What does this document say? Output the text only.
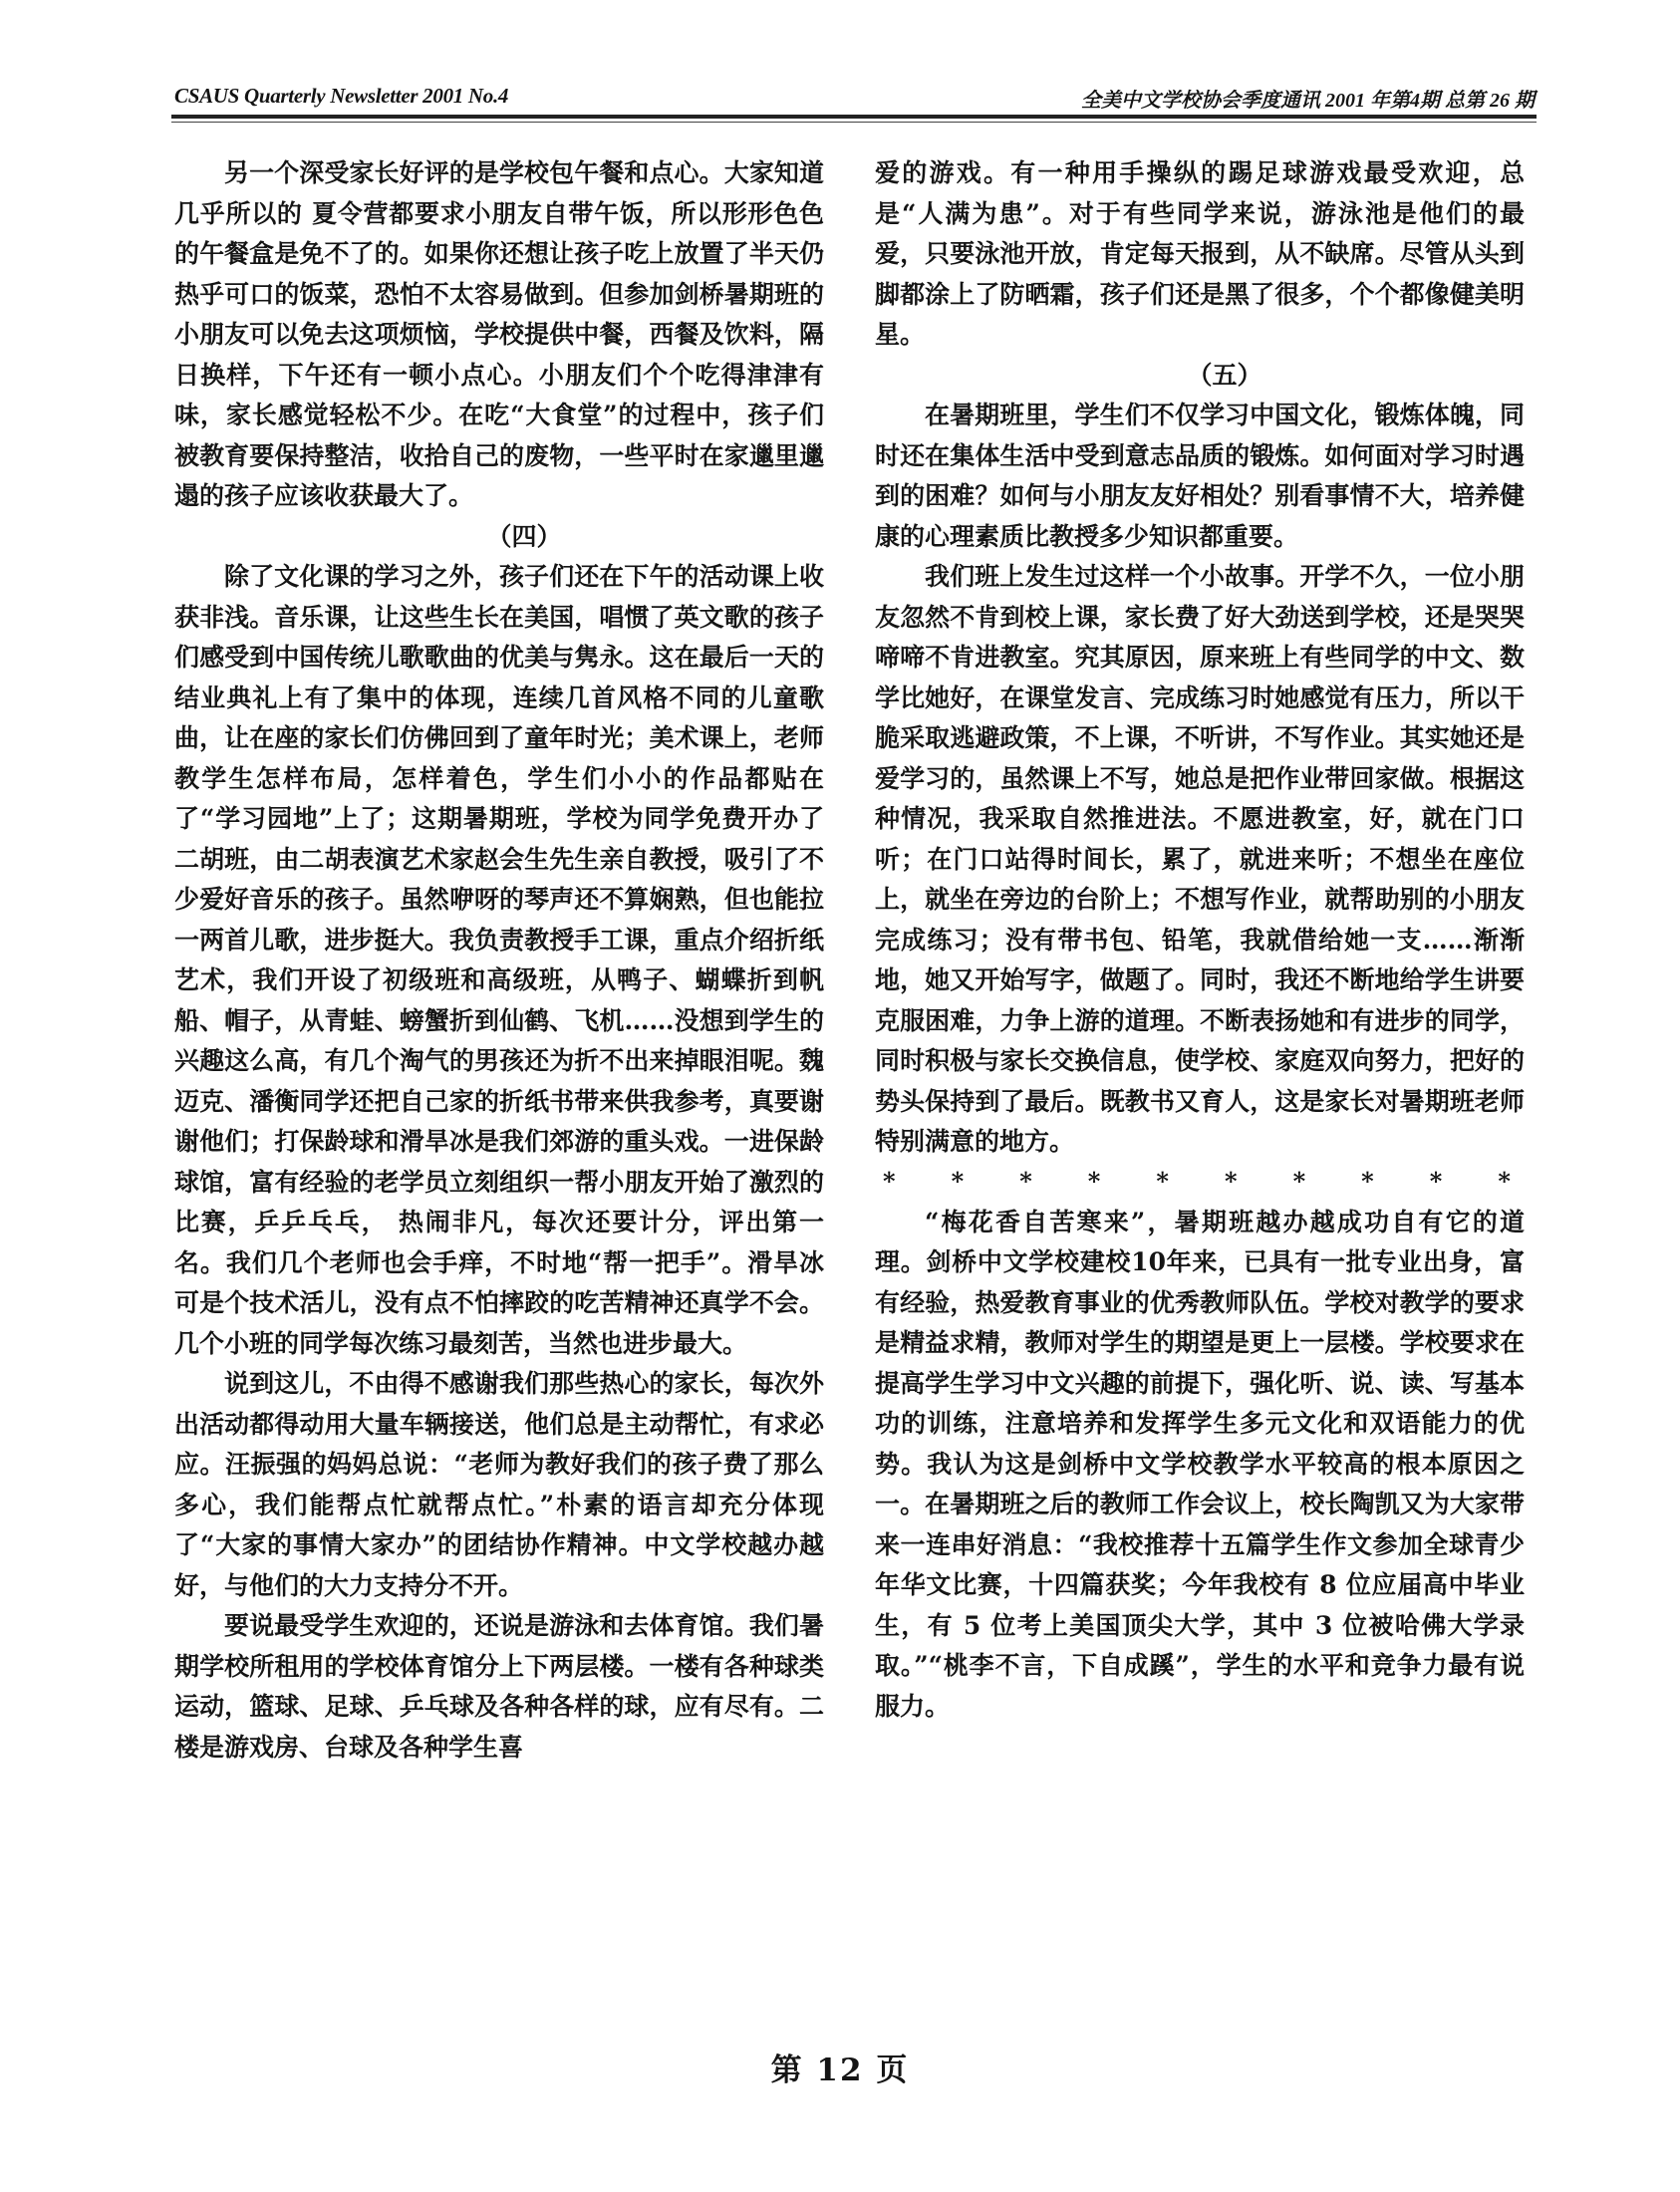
CSAUS Quarterly Newsletter 2001 No.4	全美中文学校协会季度通讯 2001 年第4期 总第 26 期

另一个深受家长好评的是学校包午餐和点心。大家知道几乎所以的 夏令营都要求小朋友自带午饭，所以形形色色的午餐盒是免不了的。如果你还想让孩子吃上放置了半天仍热乎可口的饭菜，恐怕不太容易做到。但参加剑桥暑期班的小朋友可以免去这项烦恼，学校提供中餐，西餐及饮料，隔日换样，下午还有一顿小点心。小朋友们个个吃得津津有味，家长感觉轻松不少。在吃“大食堂”的过程中，孩子们被教育要保持整洁，收拾自己的废物，一些平时在家邋里邋遢的孩子应该收获最大了。

（四）

除了文化课的学习之外，孩子们还在下午的活动课上收获非浅。音乐课，让这些生长在美国，唱惯了英文歌的孩子们感受到中国传统儿歌歌曲的优美与隽永。这在最后一天的结业典礼上有了集中的体现，连续几首风格不同的儿童歌曲，让在座的家长们仿佛回到了童年时光；美术课上，老师教学生怎样布局，怎样着色，学生们小小的作品都贴在了“学习园地”上了；这期暑期班，学校为同学免费开办了二胡班，由二胡表演艺术家赵会生先生亲自教授，吸引了不少爱好音乐的孩子。虽然咿呀的琴声还不算娴熟，但也能拉一两首儿歌，进步挺大。我负责教授手工课，重点介绍折纸艺术，我们开设了初级班和高级班，从鸭子、蝴蝶折到帆船、帽子，从青蛙、螃蟹折到仙鹤、飞机……没想到学生的兴趣这么高，有几个淘气的男孩还为折不出来掉眼泪呢。魏迈克、潘衡同学还把自己家的折纸书带来供我参考，真要谢谢他们；打保龄球和滑旱冰是我们郊游的重头戏。一进保龄球馆，富有经验的老学员立刻组织一帮小朋友开始了激烈的比赛，乒乒乓乓， 热闹非凡，每次还要计分，评出第一名。我们几个老师也会手痒，不时地“帮一把手”。滑旱冰可是个技术活儿，没有点不怕摔跤的吃苦精神还真学不会。几个小班的同学每次练习最刻苦，当然也进步最大。

说到这儿，不由得不感谢我们那些热心的家长，每次外出活动都得动用大量车辆接送，他们总是主动帮忙，有求必应。汪振强的妈妈总说：“老师为教好我们的孩子费了那么多心，我们能帮点忙就帮点忙。”朴素的语言却充分体现了“大家的事情大家办”的团结协作精神。中文学校越办越好，与他们的大力支持分不开。

要说最受学生欢迎的，还说是游泳和去体育馆。我们暑期学校所租用的学校体育馆分上下两层楼。一楼有各种球类运动，篮球、足球、乒乓球及各种各样的球，应有尽有。二楼是游戏房、台球及各种学生喜

爱的游戏。有一种用手操纵的踢足球游戏最受欢迎，总是“人满为患”。对于有些同学来说，游泳池是他们的最爱，只要泳池开放，肯定每天报到，从不缺席。尽管从头到脚都涂上了防晒霜，孩子们还是黑了很多，个个都像健美明星。

（五）

在暑期班里，学生们不仅学习中国文化，锻炼体魄，同时还在集体生活中受到意志品质的锻炼。如何面对学习时遇到的困难？如何与小朋友友好相处？别看事情不大，培养健康的心理素质比教授多少知识都重要。

我们班上发生过这样一个小故事。开学不久，一位小朋友忽然不肯到校上课，家长费了好大劲送到学校，还是哭哭啼啼不肯进教室。究其原因，原来班上有些同学的中文、数学比她好，在课堂发言、完成练习时她感觉有压力，所以干脆采取逃避政策，不上课，不听讲，不写作业。其实她还是爱学习的，虽然课上不写，她总是把作业带回家做。根据这种情况，我采取自然推进法。不愿进教室，好，就在门口听；在门口站得时间长，累了，就进来听；不想坐在座位上，就坐在旁边的台阶上；不想写作业，就帮助别的小朋友完成练习；没有带书包、铅笔，我就借给她一支……渐渐地，她又开始写字，做题了。同时，我还不断地给学生讲要克服困难，力争上游的道理。不断表扬她和有进步的同学，同时积极与家长交换信息，使学校、家庭双向努力，把好的势头保持到了最后。既教书又育人，这是家长对暑期班老师特别满意的地方。

* * * * * * * * * *

“梅花香自苦寒来”，暑期班越办越成功自有它的道理。剑桥中文学校建校10年来，已具有一批专业出身，富有经验，热爱教育事业的优秀教师队伍。学校对教学的要求是精益求精，教师对学生的期望是更上一层楼。学校要求在提高学生学习中文兴趣的前提下，强化听、说、读、写基本功的训练，注意培养和发挥学生多元文化和双语能力的优势。我认为这是剑桥中文学校教学水平较高的根本原因之一。在暑期班之后的教师工作会议上，校长陶凯又为大家带来一连串好消息：“我校推荐十五篇学生作文参加全球青少年华文比赛，十四篇获奖；今年我校有 8 位应届高中毕业生，有 5 位考上美国顶尖大学，其中 3 位被哈佛大学录取。”“桃李不言，下自成蹊”，学生的水平和竞争力最有说服力。

第 12 页
